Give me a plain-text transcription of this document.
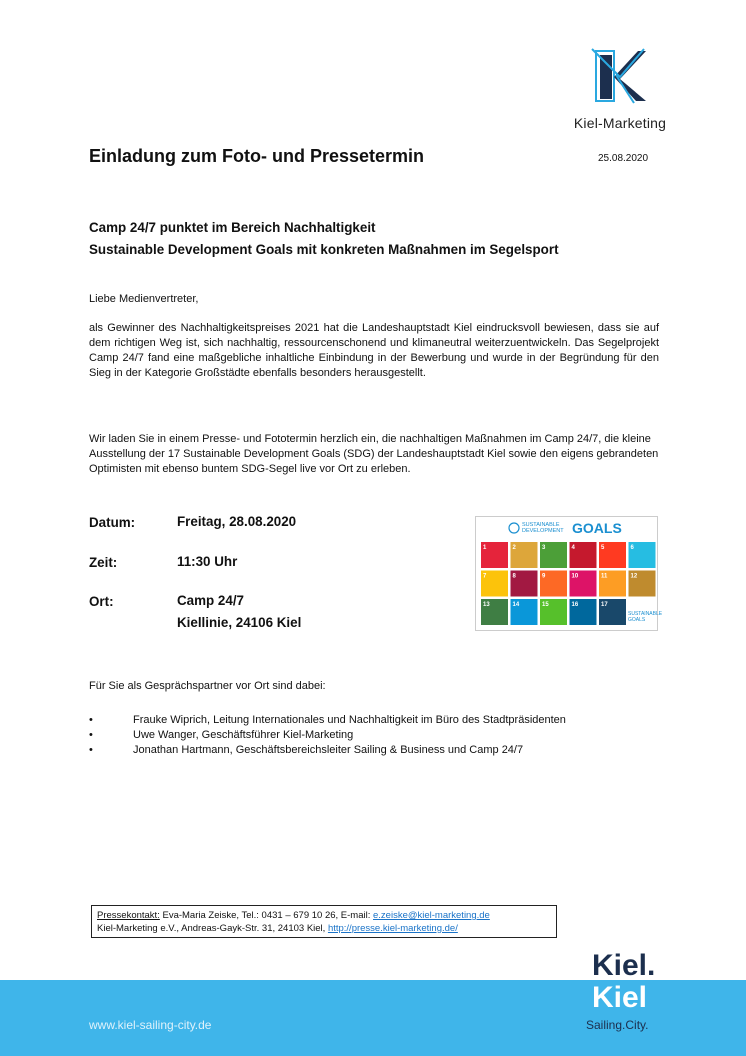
Kiel-Marketing
Einladung zum Foto- und Pressetermin	25.08.2020
Camp 24/7 punktet im Bereich Nachhaltigkeit
Sustainable Development Goals mit konkreten Maßnahmen im Segelsport
Liebe Medienvertreter,
als Gewinner des Nachhaltigkeitspreises 2021 hat die Landeshauptstadt Kiel eindrucksvoll bewiesen, dass sie auf dem richtigen Weg ist, sich nachhaltig, ressourcenschonend und klimaneutral weiterzuentwickeln. Das Segelprojekt Camp 24/7 fand eine maßgebliche inhaltliche Einbindung in der Bewerbung und wurde in der Begründung für den Sieg in der Kategorie Großstädte ebenfalls besonders herausgestellt.
Wir laden Sie in einem Presse- und Fototermin herzlich ein, die nachhaltigen Maßnahmen im Camp 24/7, die kleine Ausstellung der 17 Sustainable Development Goals (SDG) der Landeshauptstadt Kiel sowie den eigens gebrandeten Optimisten mit ebenso buntem SDG-Segel live vor Ort zu erleben.
Datum:	Freitag, 28.08.2020
Zeit:	11:30 Uhr
Ort:	Camp 24/7
Kiellinie, 24106 Kiel
SUSTAINABLE
DEVELOPMENT GOALS
1	2	3	4	5	6
7	8	9	10	11	12
13	14	15	16	17
SUSTAINABLE
GOALS
Für Sie als Gesprächspartner vor Ort sind dabei:
• Frauke Wiprich, Leitung Internationales und Nachhaltigkeit im Büro des Stadtpräsidenten
• Uwe Wanger, Geschäftsführer Kiel-Marketing
• Jonathan Hartmann, Geschäftsbereichsleiter Sailing & Business und Camp 24/7
Pressekontakt: Eva-Maria Zeiske, Tel.: 0431 – 679 10 26, E-mail: e.zeiske@kiel-marketing.de
Kiel-Marketing e.V., Andreas-Gayk-Str. 31, 24103 Kiel, http://presse.kiel-marketing.de/
www.kiel-sailing-city.de
Kiel.
Kiel
Sailing.City.
